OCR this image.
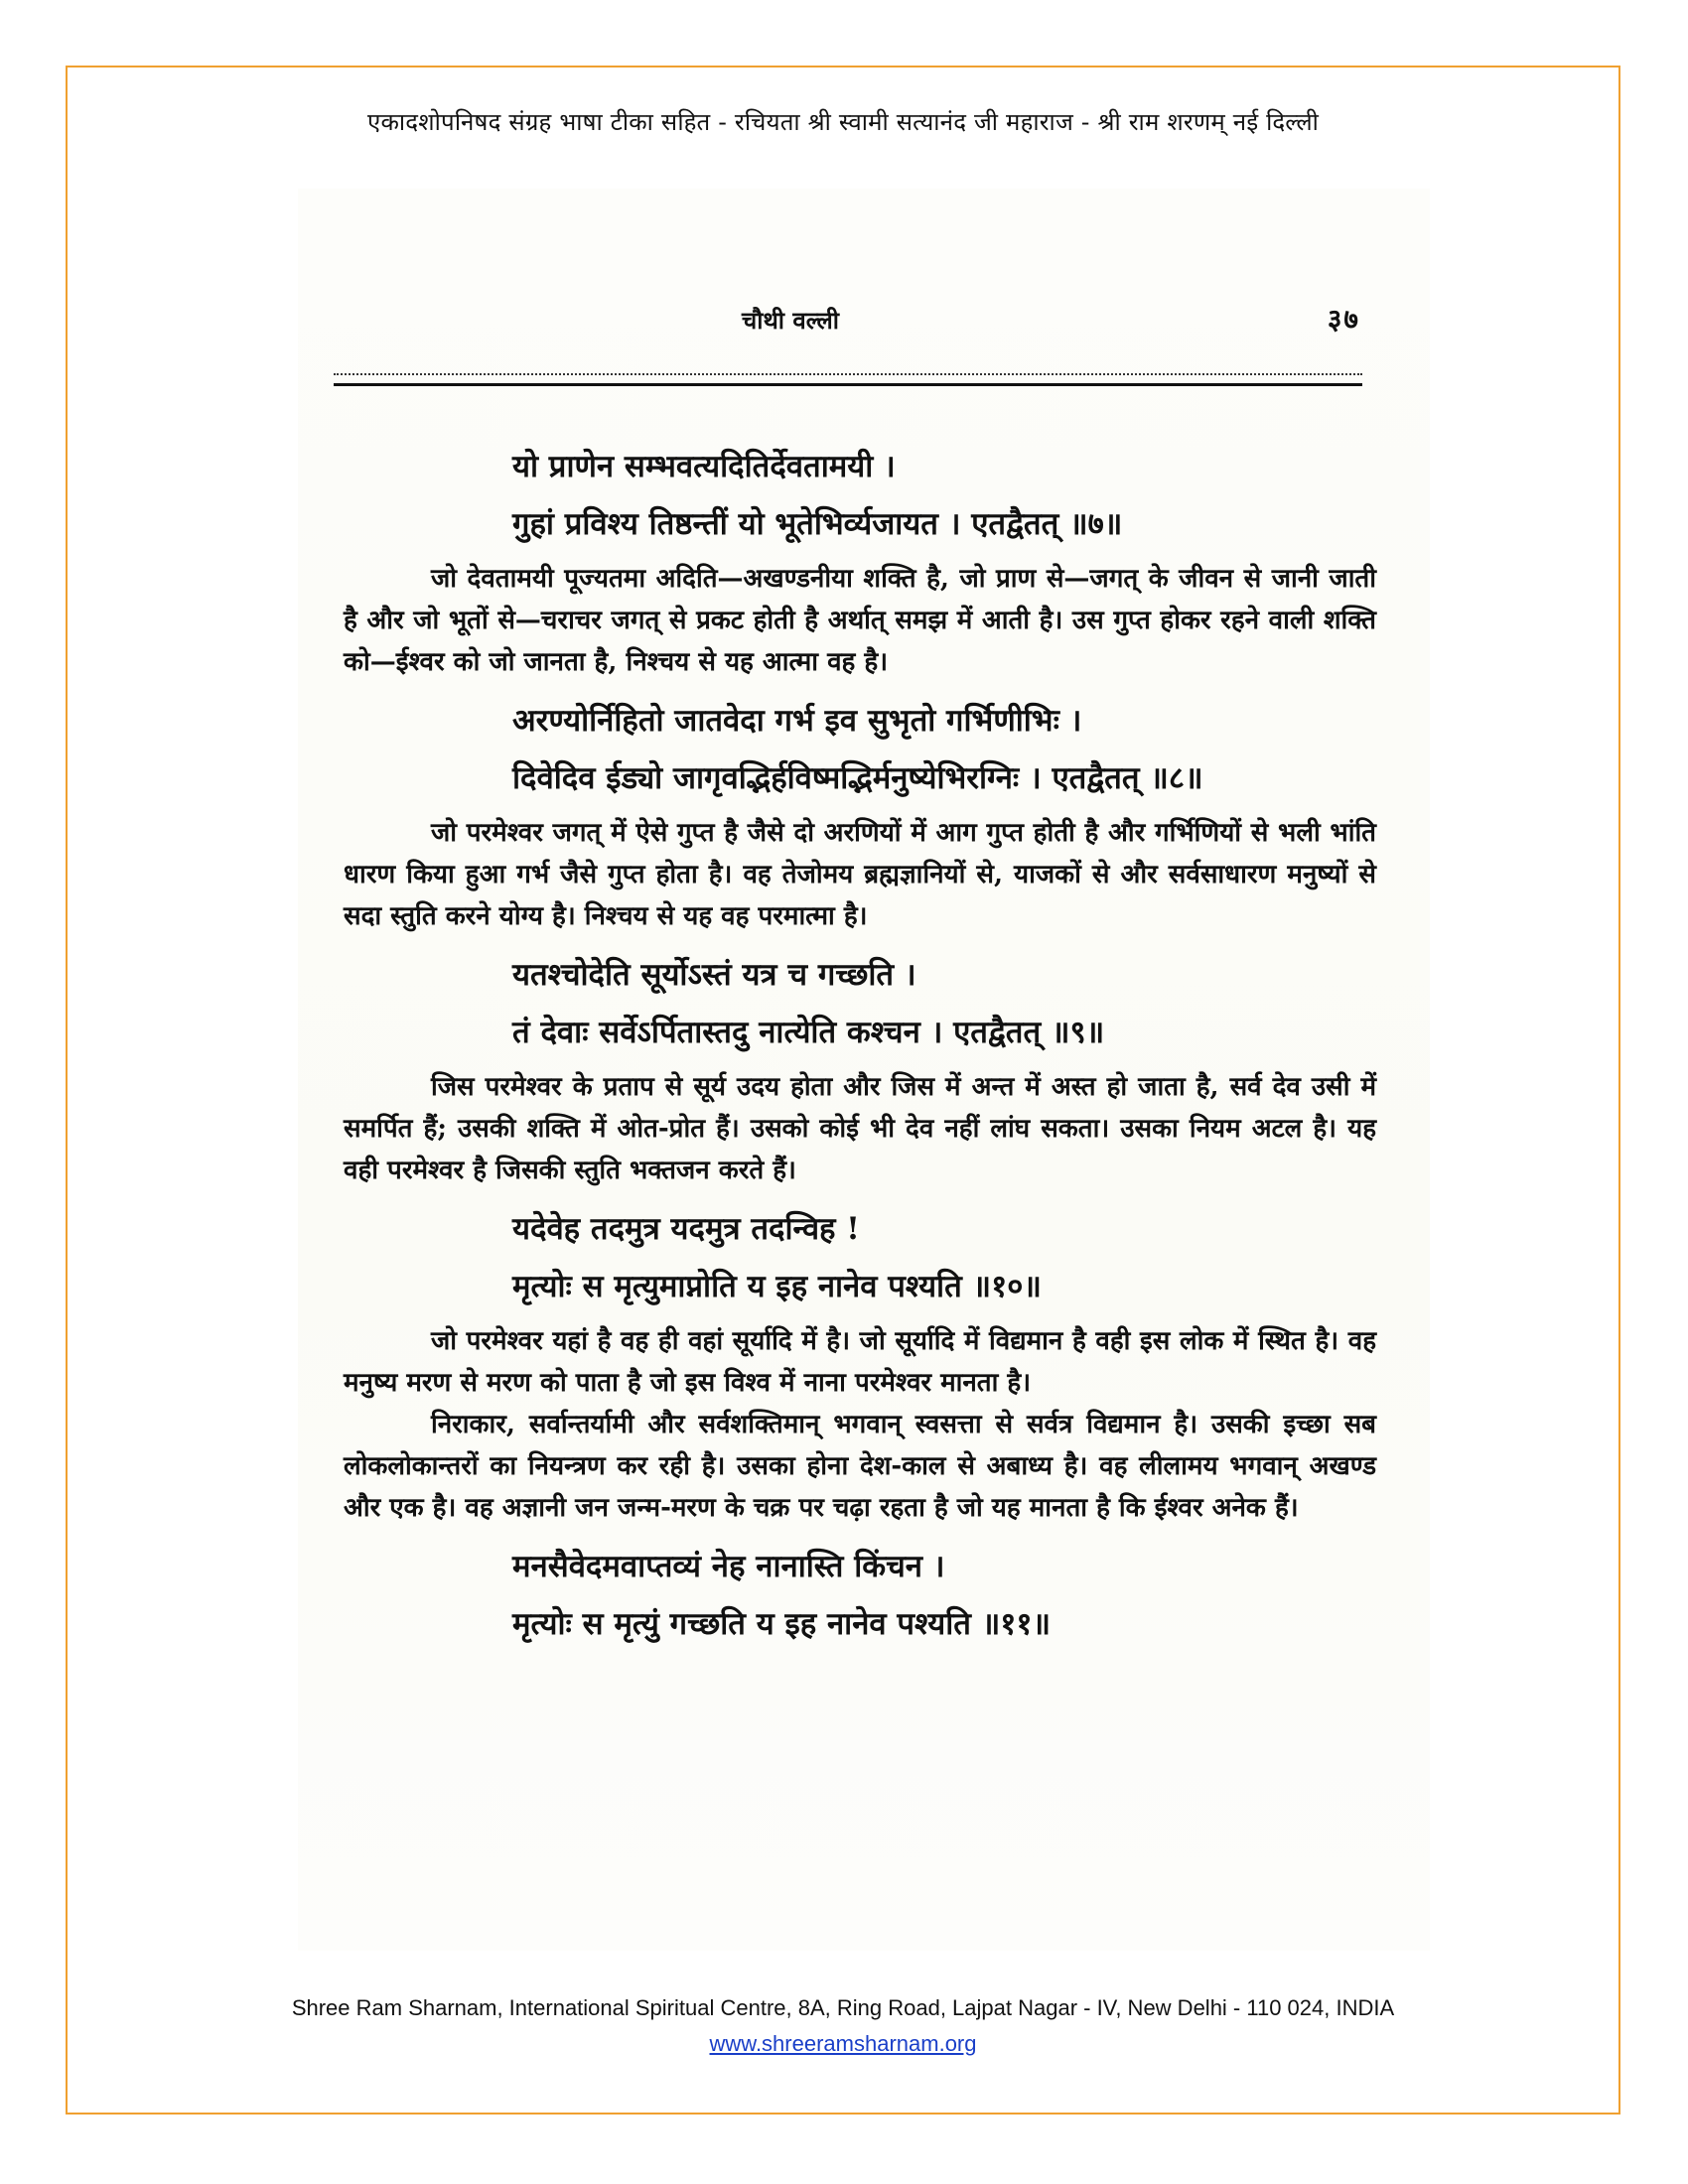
एकादशोपनिषद संग्रह भाषा टीका सहित - रचियता श्री स्वामी सत्यानंद जी महाराज - श्री राम शरणम् नई दिल्ली

चौथी वल्ली	३७

यो प्राणेन सम्भवत्यदितिर्देवतामयी ।

गुहां प्रविश्य तिष्ठन्तीं यो भूतेभिर्व्यजायत । एतद्वैतत् ॥७॥

जो देवतामयी पूज्यतमा अदिति—अखण्डनीया शक्ति है, जो प्राण से—जगत् के जीवन से जानी जाती है और जो भूतों से—चराचर जगत् से प्रकट होती है अर्थात् समझ में आती है। उस गुप्त होकर रहने वाली शक्ति को—ईश्वर को जो जानता है, निश्चय से यह आत्मा वह है।

अरण्योर्निहितो जातवेदा गर्भ इव सुभृतो गर्भिणीभिः ।

दिवेदिव ईड्यो जागृवद्भिर्हविष्मद्भिर्मनुष्येभिरग्निः । एतद्वैतत् ॥८॥

जो परमेश्वर जगत् में ऐसे गुप्त है जैसे दो अरणियों में आग गुप्त होती है और गर्भिणियों से भली भांति धारण किया हुआ गर्भ जैसे गुप्त होता है। वह तेजोमय ब्रह्मज्ञानियों से, याजकों से और सर्वसाधारण मनुष्यों से सदा स्तुति करने योग्य है। निश्चय से यह वह परमात्मा है।

यतश्चोदेति सूर्योऽस्तं यत्र च गच्छति ।

तं देवाः सर्वेऽर्पितास्तदु नात्येति कश्चन । एतद्वैतत् ॥९॥

जिस परमेश्वर के प्रताप से सूर्य उदय होता और जिस में अन्त में अस्त हो जाता है, सर्व देव उसी में समर्पित हैं; उसकी शक्ति में ओत-प्रोत हैं। उसको कोई भी देव नहीं लांघ सकता। उसका नियम अटल है। यह वही परमेश्वर है जिसकी स्तुति भक्तजन करते हैं।

यदेवेह तदमुत्र यदमुत्र तदन्विह !

मृत्योः स मृत्युमाप्नोति य इह नानेव पश्यति ॥१०॥

जो परमेश्वर यहां है वह ही वहां सूर्यादि में है। जो सूर्यादि में विद्यमान है वही इस लोक में स्थित है। वह मनुष्य मरण से मरण को पाता है जो इस विश्व में नाना परमेश्वर मानता है।

निराकार, सर्वान्तर्यामी और सर्वशक्तिमान् भगवान् स्वसत्ता से सर्वत्र विद्यमान है। उसकी इच्छा सब लोकलोकान्तरों का नियन्त्रण कर रही है। उसका होना देश-काल से अबाध्य है। वह लीलामय भगवान् अखण्ड और एक है। वह अज्ञानी जन जन्म-मरण के चक्र पर चढ़ा रहता है जो यह मानता है कि ईश्वर अनेक हैं।

मनसैवेदमवाप्तव्यं नेह नानास्ति किंचन ।

मृत्योः स मृत्युं गच्छति य इह नानेव पश्यति ॥११॥

Shree Ram Sharnam, International Spiritual Centre, 8A, Ring Road, Lajpat Nagar - IV, New Delhi - 110 024, INDIA

www.shreeramsharnam.org
